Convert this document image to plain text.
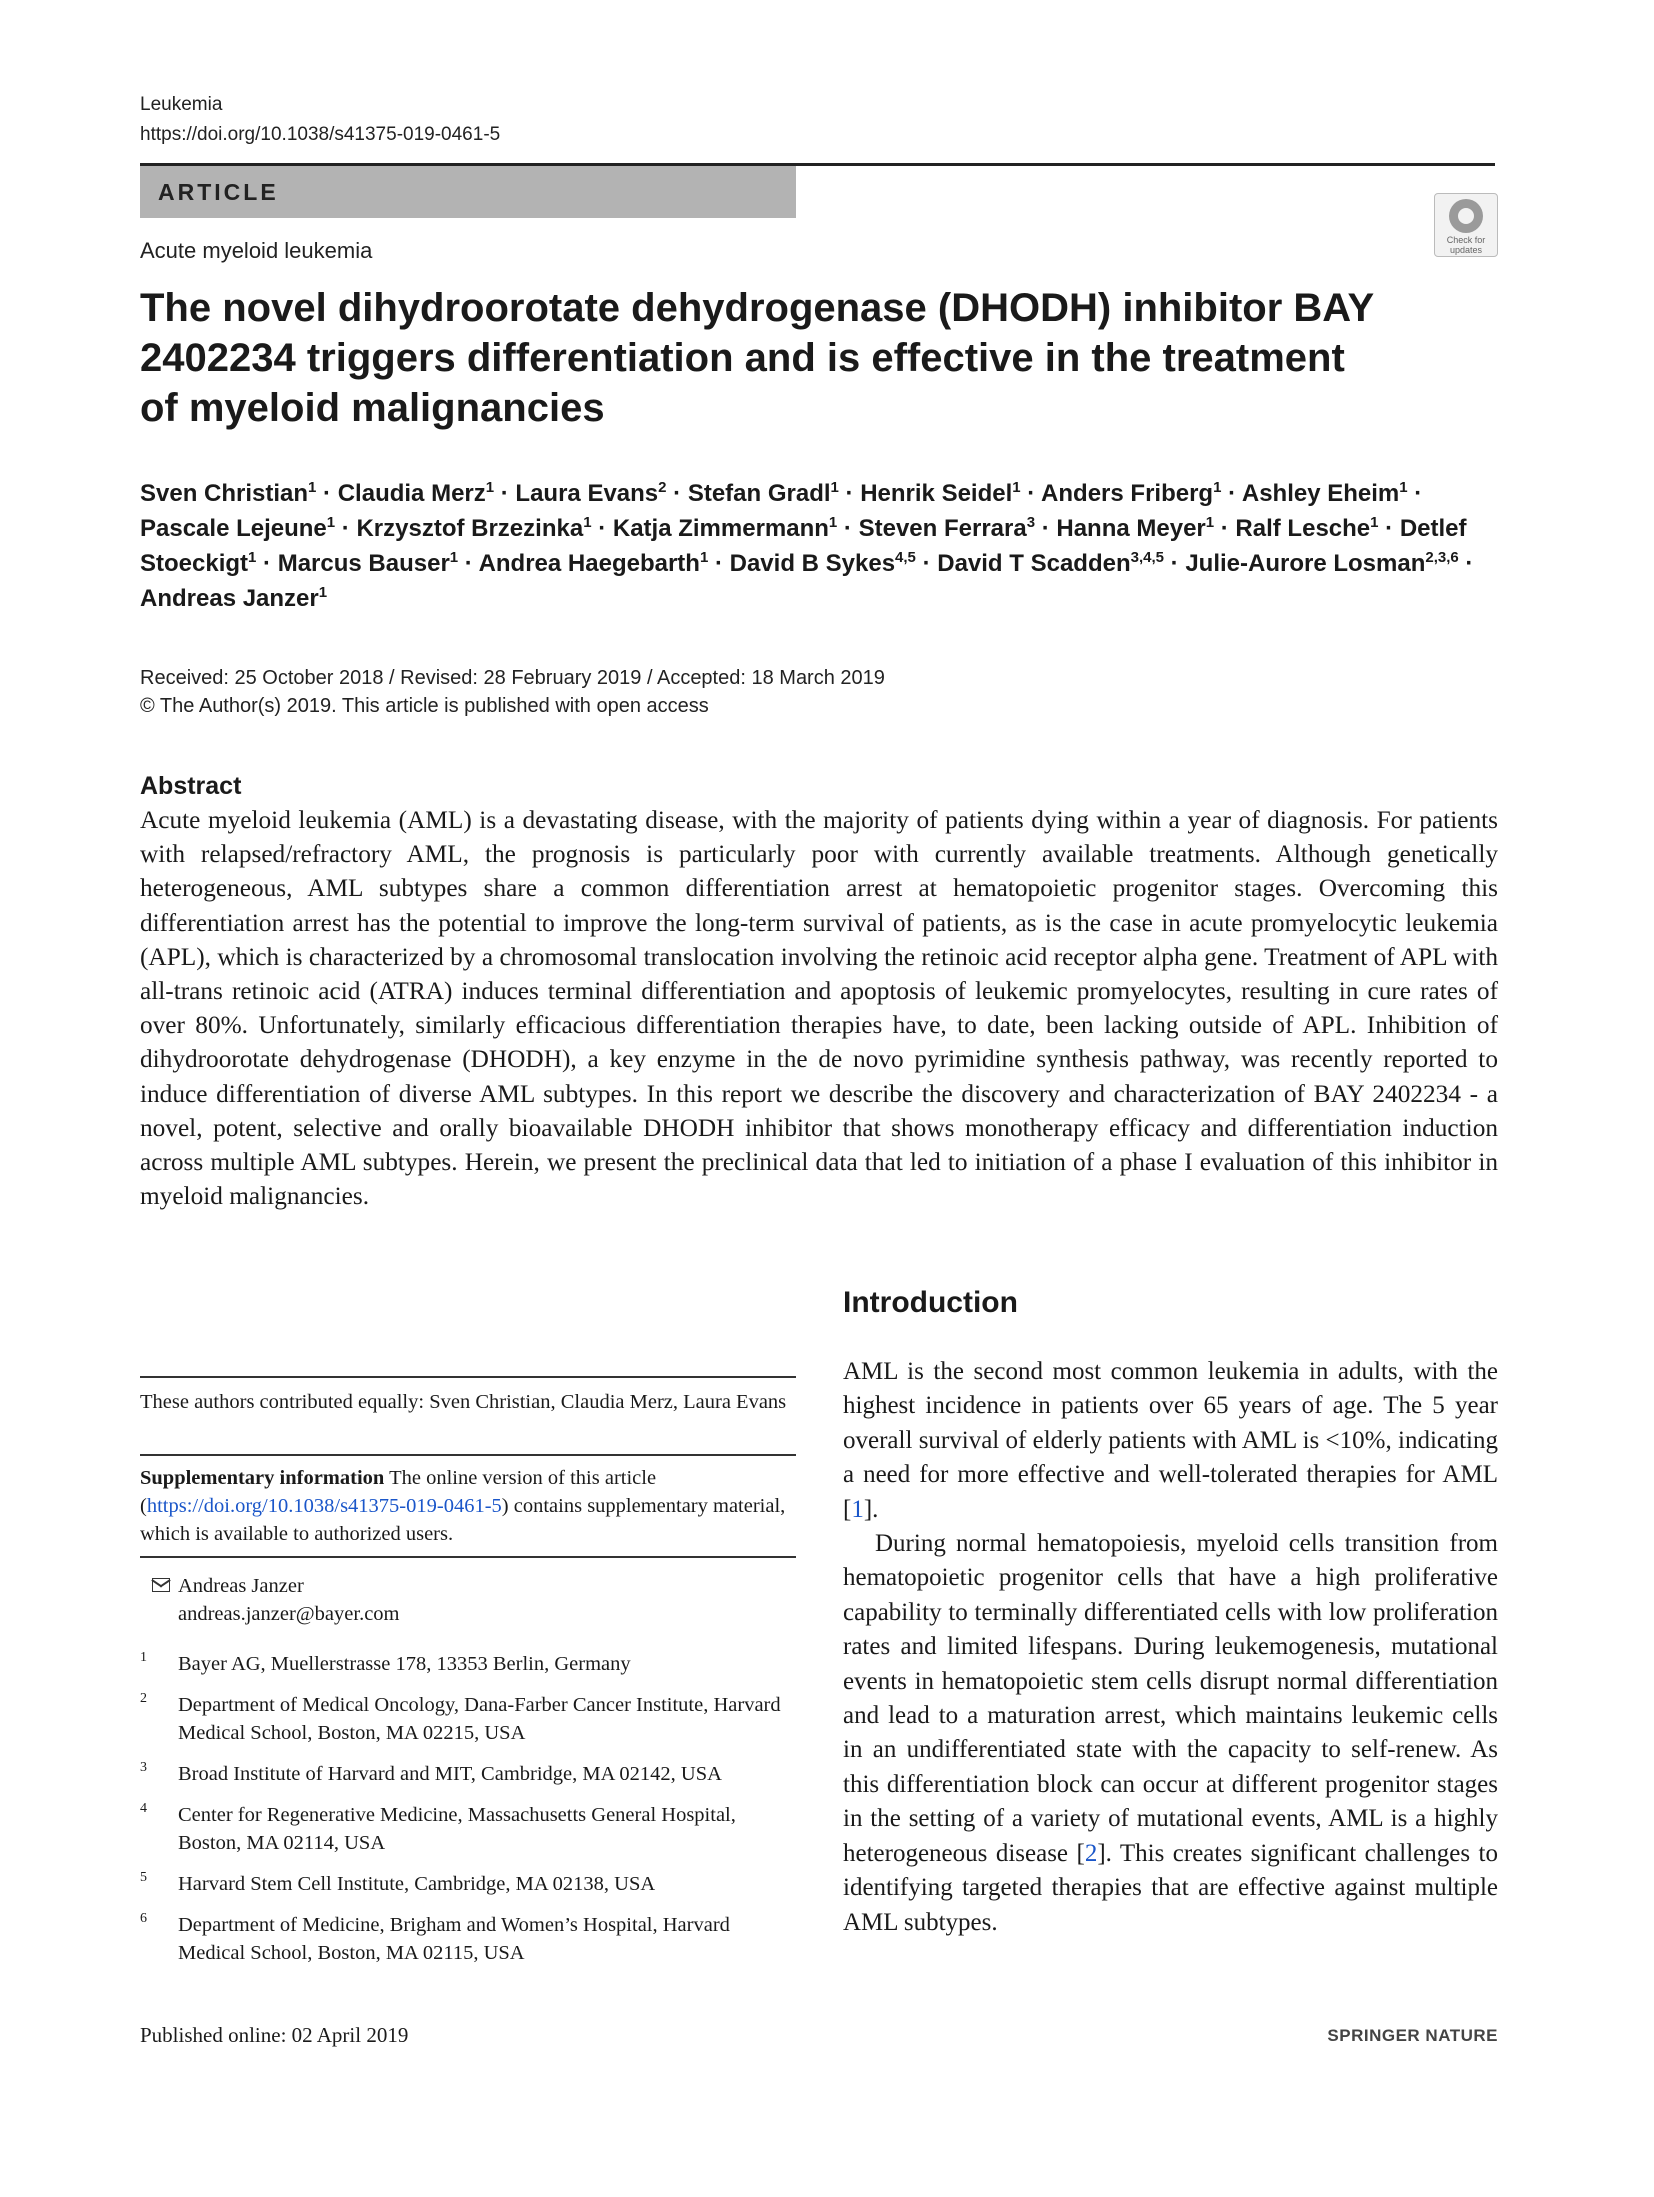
Leukemia
https://doi.org/10.1038/s41375-019-0461-5
ARTICLE
Check for
updates
Acute myeloid leukemia
The novel dihydroorotate dehydrogenase (DHODH) inhibitor BAY 2402234 triggers differentiation and is effective in the treatment of myeloid malignancies
Sven Christian$^1$ · Claudia Merz$^1$ · Laura Evans$^2$ · Stefan Gradl$^1$ · Henrik Seidel$^1$ · Anders Friberg$^1$ · Ashley Eheim$^1$ · Pascale Lejeune$^1$ · Krzysztof Brzezinka$^1$ · Katja Zimmermann$^1$ · Steven Ferrara$^3$ · Hanna Meyer$^1$ · Ralf Lesche$^1$ · Detlef Stoeckigt$^1$ · Marcus Bauser$^1$ · Andrea Haegebarth$^1$ · David B Sykes$^{4,5}$ · David T Scadden$^{3,4,5}$ · Julie-Aurore Losman$^{2,3,6}$ · Andreas Janzer$^1$
Received: 25 October 2018 / Revised: 28 February 2019 / Accepted: 18 March 2019
© The Author(s) 2019. This article is published with open access
Abstract

Acute myeloid leukemia (AML) is a devastating disease, with the majority of patients dying within a year of diagnosis. For patients with relapsed/refractory AML, the prognosis is particularly poor with currently available treatments. Although genetically heterogeneous, AML subtypes share a common differentiation arrest at hematopoietic progenitor stages. Overcoming this differentiation arrest has the potential to improve the long-term survival of patients, as is the case in acute promyelocytic leukemia (APL), which is characterized by a chromosomal translocation involving the retinoic acid receptor alpha gene. Treatment of APL with all-trans retinoic acid (ATRA) induces terminal differentiation and apoptosis of leukemic promyelocytes, resulting in cure rates of over 80%. Unfortunately, similarly efficacious differentiation therapies have, to date, been lacking outside of APL. Inhibition of dihydroorotate dehydrogenase (DHODH), a key enzyme in the de novo pyrimidine synthesis pathway, was recently reported to induce differentiation of diverse AML subtypes. In this report we describe the discovery and characterization of BAY 2402234 - a novel, potent, selective and orally bioavailable DHODH inhibitor that shows monotherapy efficacy and differentiation induction across multiple AML subtypes. Herein, we present the preclinical data that led to initiation of a phase I evaluation of this inhibitor in myeloid malignancies.

Introduction

AML is the second most common leukemia in adults, with the highest incidence in patients over 65 years of age. The 5 year overall survival of elderly patients with AML is <10%, indicating a need for more effective and well-tolerated therapies for AML [1].

During normal hematopoiesis, myeloid cells transition from hematopoietic progenitor cells that have a high proliferative capability to terminally differentiated cells with low proliferation rates and limited lifespans. During leukemogenesis, mutational events in hematopoietic stem cells disrupt normal differentiation and lead to a maturation arrest, which maintains leukemic cells in an undifferentiated state with the capacity to self-renew. As this differentiation block can occur at different progenitor stages in the setting of a variety of mutational events, AML is a highly heterogeneous disease [2]. This creates significant challenges to identifying targeted therapies that are effective against multiple AML subtypes.

These authors contributed equally: Sven Christian, Claudia Merz, Laura Evans
Supplementary information The online version of this article (https://doi.org/10.1038/s41375-019-0461-5) contains supplementary material, which is available to authorized users.
Andreas Janzer
andreas.janzer@bayer.com
1 Bayer AG, Muellerstrasse 178, 13353 Berlin, Germany
2 Department of Medical Oncology, Dana-Farber Cancer Institute, Harvard Medical School, Boston, MA 02215, USA
3 Broad Institute of Harvard and MIT, Cambridge, MA 02142, USA
4 Center for Regenerative Medicine, Massachusetts General Hospital, Boston, MA 02114, USA
5 Harvard Stem Cell Institute, Cambridge, MA 02138, USA
6 Department of Medicine, Brigham and Women’s Hospital, Harvard Medical School, Boston, MA 02115, USA
Published online: 02 April 2019	SPRINGER NATURE
